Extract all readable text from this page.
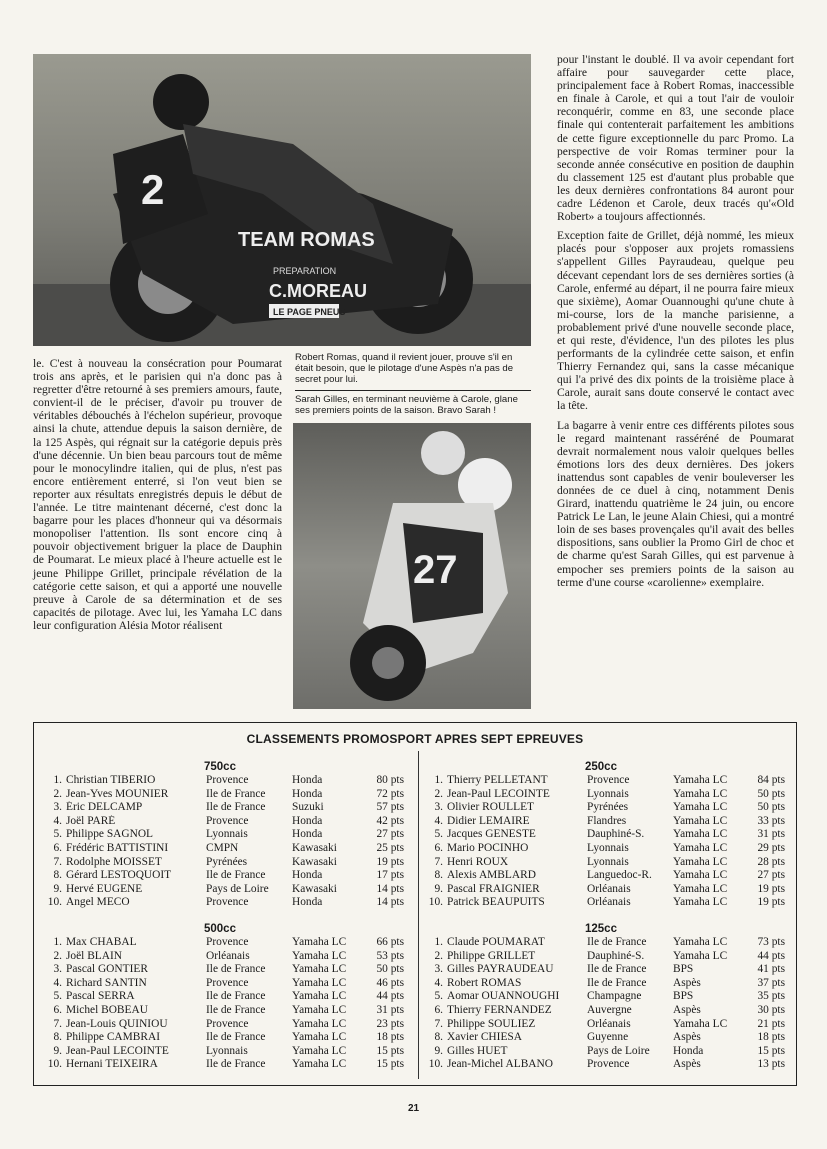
2
TEAM ROMAS
PREPARATION
C.MOREAU
LE PAGE PNEUS
Robert Romas, quand il revient jouer, prouve s'il en était besoin, que le pilotage d'une Aspès n'a pas de secret pour lui.
Sarah Gilles, en terminant neuvième à Carole, glane ses premiers points de la saison. Bravo Sarah !
27

le. C'est à nouveau la consécration pour Poumarat trois ans après, et le parisien qui n'a donc pas à regretter d'être retourné à ses premiers amours, faute, convient-il de le préciser, d'avoir pu trouver de véritables débouchés à l'échelon supérieur, provoque ainsi la chute, attendue depuis la saison dernière, de la 125 Aspès, qui régnait sur la catégorie depuis près d'une décennie. Un bien beau parcours tout de même pour le monocylindre italien, qui de plus, n'est pas encore entièrement enterré, si l'on veut bien se reporter aux résultats enregistrés depuis le début de l'année. Le titre maintenant décerné, c'est donc la bagarre pour les places d'honneur qui va désormais monopoliser l'attention. Ils sont encore cinq à pouvoir objectivement briguer la place de Dauphin de Poumarat. Le mieux placé à l'heure actuelle est le jeune Philippe Grillet, principale révélation de la catégorie cette saison, et qui a apporté une nouvelle preuve à Carole de sa détermination et de ses capacités de pilotage. Avec lui, les Yamaha LC dans leur configuration Alésia Motor réalisent

pour l'instant le doublé. Il va avoir cependant fort affaire pour sauvegarder cette place, principalement face à Robert Romas, inaccessible en finale à Carole, et qui a tout l'air de vouloir reconquérir, comme en 83, une seconde place finale qui contenterait parfaitement les ambitions de cette figure exceptionnelle du parc Promo. La perspective de voir Romas terminer pour la seconde année consécutive en position de dauphin du classement 125 est d'autant plus probable que les deux dernières confrontations 84 auront pour cadre Lédenon et Carole, deux tracés qu'«Old Robert» a toujours affectionnés.

Exception faite de Grillet, déjà nommé, les mieux placés pour s'opposer aux projets romassiens s'appellent Gilles Payraudeau, quelque peu décevant cependant lors de ses dernières sorties (à Carole, enfermé au départ, il ne pourra faire mieux que sixième), Aomar Ouannoughi qu'une chute à mi-course, lors de la manche parisienne, a probablement privé d'une nouvelle seconde place, et qui reste, d'évidence, l'un des pilotes les plus performants de la cylindrée cette saison, et enfin Thierry Fernandez qui, sans la casse mécanique qui l'a privé des dix points de la troisième place à Carole, aurait sans doute conservé le contact avec la tête.

La bagarre à venir entre ces différents pilotes sous le regard maintenant rasséréné de Poumarat devrait normalement nous valoir quelques belles émotions lors des deux dernières. Des jokers inattendus sont capables de venir bouleverser les données de ce duel à cinq, notamment Denis Girard, inattendu quatrième le 24 juin, ou encore Patrick Le Lan, le jeune Alain Chiesi, qui a montré loin de ses bases provençales qu'il avait des belles dispositions, sans oublier la Promo Girl de choc et de charme qu'est Sarah Gilles, qui est parvenue à empocher ses premiers points de la saison au terme d'une course «carolienne» exemplaire.

CLASSEMENTS PROMOSPORT APRES SEPT EPREUVES
750cc
1. Christian TIBERIO	Provence	Honda	80 pts
2. Jean-Yves MOUNIER	Ile de France	Honda	72 pts
3. Éric DELCAMP	Ile de France	Suzuki	57 pts
4. Joël PARÉ	Provence	Honda	42 pts
5. Philippe SAGNOL	Lyonnais	Honda	27 pts
6. Frédéric BATTISTINI	CMPN	Kawasaki	25 pts
7. Rodolphe MOISSET	Pyrénées	Kawasaki	19 pts
8. Gérard LESTOQUOIT	Ile de France	Honda	17 pts
9. Hervé EUGENE	Pays de Loire	Kawasaki	14 pts
10. Angel MECO	Provence	Honda	14 pts
250cc
1. Thierry PELLETANT	Provence	Yamaha LC	84 pts
2. Jean-Paul LECOINTE	Lyonnais	Yamaha LC	50 pts
3. Olivier ROULLET	Pyrénées	Yamaha LC	50 pts
4. Didier LEMAIRE	Flandres	Yamaha LC	33 pts
5. Jacques GENESTE	Dauphiné-S.	Yamaha LC	31 pts
6. Mario POCINHO	Lyonnais	Yamaha LC	29 pts
7. Henri ROUX	Lyonnais	Yamaha LC	28 pts
8. Alexis AMBLARD	Languedoc-R.	Yamaha LC	27 pts
9. Pascal FRAIGNIER	Orléanais	Yamaha LC	19 pts
10. Patrick BEAUPUITS	Orléanais	Yamaha LC	19 pts
500cc
1. Max CHABAL	Provence	Yamaha LC	66 pts
2. Joël BLAIN	Orléanais	Yamaha LC	53 pts
3. Pascal GONTIER	Ile de France	Yamaha LC	50 pts
4. Richard SANTIN	Provence	Yamaha LC	46 pts
5. Pascal SERRA	Ile de France	Yamaha LC	44 pts
6. Michel BOBEAU	Ile de France	Yamaha LC	31 pts
7. Jean-Louis QUINIOU	Provence	Yamaha LC	23 pts
8. Philippe CAMBRAI	Ile de France	Yamaha LC	18 pts
9. Jean-Paul LECOINTE	Lyonnais	Yamaha LC	15 pts
10. Hernani TEIXEIRA	Ile de France	Yamaha LC	15 pts
125cc
1. Claude POUMARAT	Ile de France	Yamaha LC	73 pts
2. Philippe GRILLET	Dauphiné-S.	Yamaha LC	44 pts
3. Gilles PAYRAUDEAU	Ile de France	BPS	41 pts
4. Robert ROMAS	Ile de France	Aspès	37 pts
5. Aomar OUANNOUGHI	Champagne	BPS	35 pts
6. Thierry FERNANDEZ	Auvergne	Aspès	30 pts
7. Philippe SOULIEZ	Orléanais	Yamaha LC	21 pts
8. Xavier CHIESA	Guyenne	Aspès	18 pts
9. Gilles HUET	Pays de Loire	Honda	15 pts
10. Jean-Michel ALBANO	Provence	Aspès	13 pts
21
